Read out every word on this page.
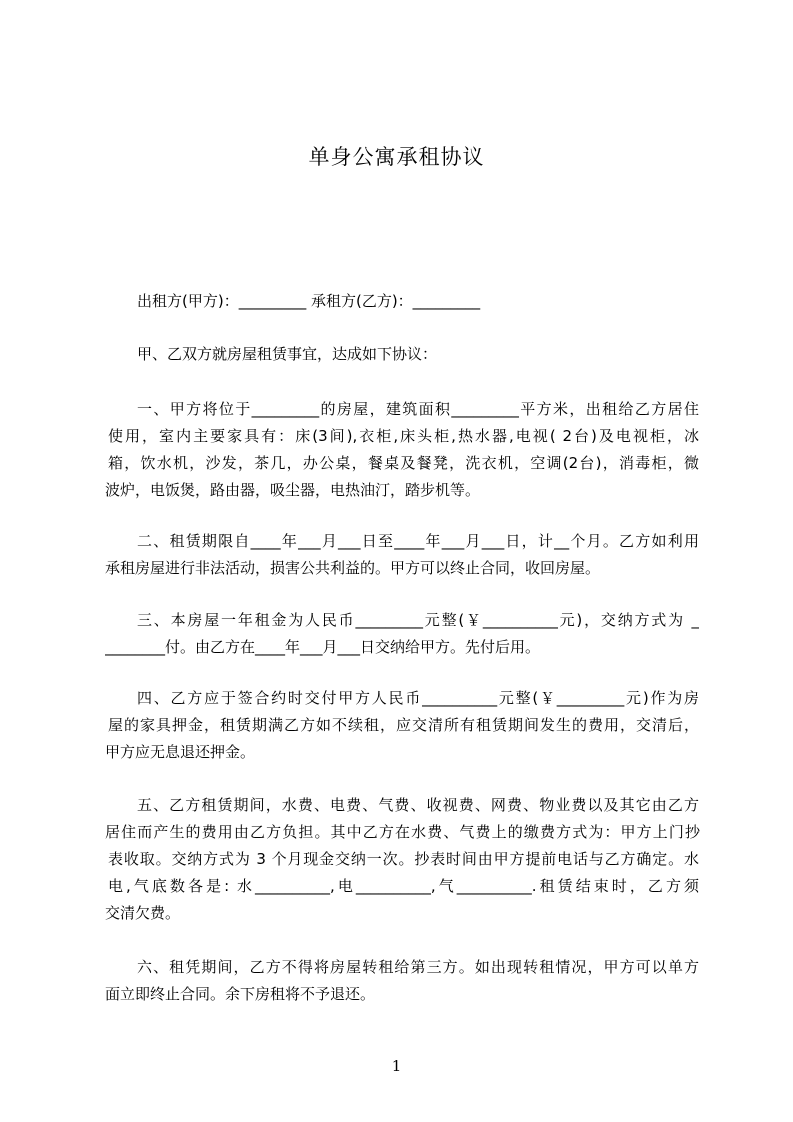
单身公寓承租协议
出租方(甲方)：_________ 承租方(乙方)：_________
甲、乙双方就房屋租赁事宜，达成如下协议：
一、甲方将位于_________的房屋，建筑面积_________平方米，出租给乙方居住
使用，室内主要家具有：床(3间),衣柜,床头柜,热水器,电视( 2台)及电视柜，冰
箱，饮水机，沙发，茶几，办公桌，餐桌及餐凳，洗衣机，空调(2台)，消毒柜，微
波炉，电饭煲，路由器，吸尘器，电热油汀，踏步机等。
二、租赁期限自____年___月___日至____年___月___日，计__个月。乙方如利用
承租房屋进行非法活动，损害公共利益的。甲方可以终止合同，收回房屋。
三、本房屋一年租金为人民币_________元整(￥__________元)，交纳方式为 _
________付。由乙方在____年___月___日交纳给甲方。先付后用。
四、乙方应于签合约时交付甲方人民币__________元整(￥_________元)作为房
屋的家具押金，租赁期满乙方如不续租，应交清所有租赁期间发生的费用，交清后，
甲方应无息退还押金。
五、乙方租赁期间，水费、电费、气费、收视费、网费、物业费以及其它由乙方
居住而产生的费用由乙方负担。其中乙方在水费、气费上的缴费方式为：甲方上门抄
表收取。交纳方式为 3 个月现金交纳一次。抄表时间由甲方提前电话与乙方确定。水
电,气底数各是: 水__________,电__________,气__________.租赁结束时，乙方须
交清欠费。
六、租凭期间，乙方不得将房屋转租给第三方。如出现转租情况，甲方可以单方
面立即终止合同。余下房租将不予退还。
1
